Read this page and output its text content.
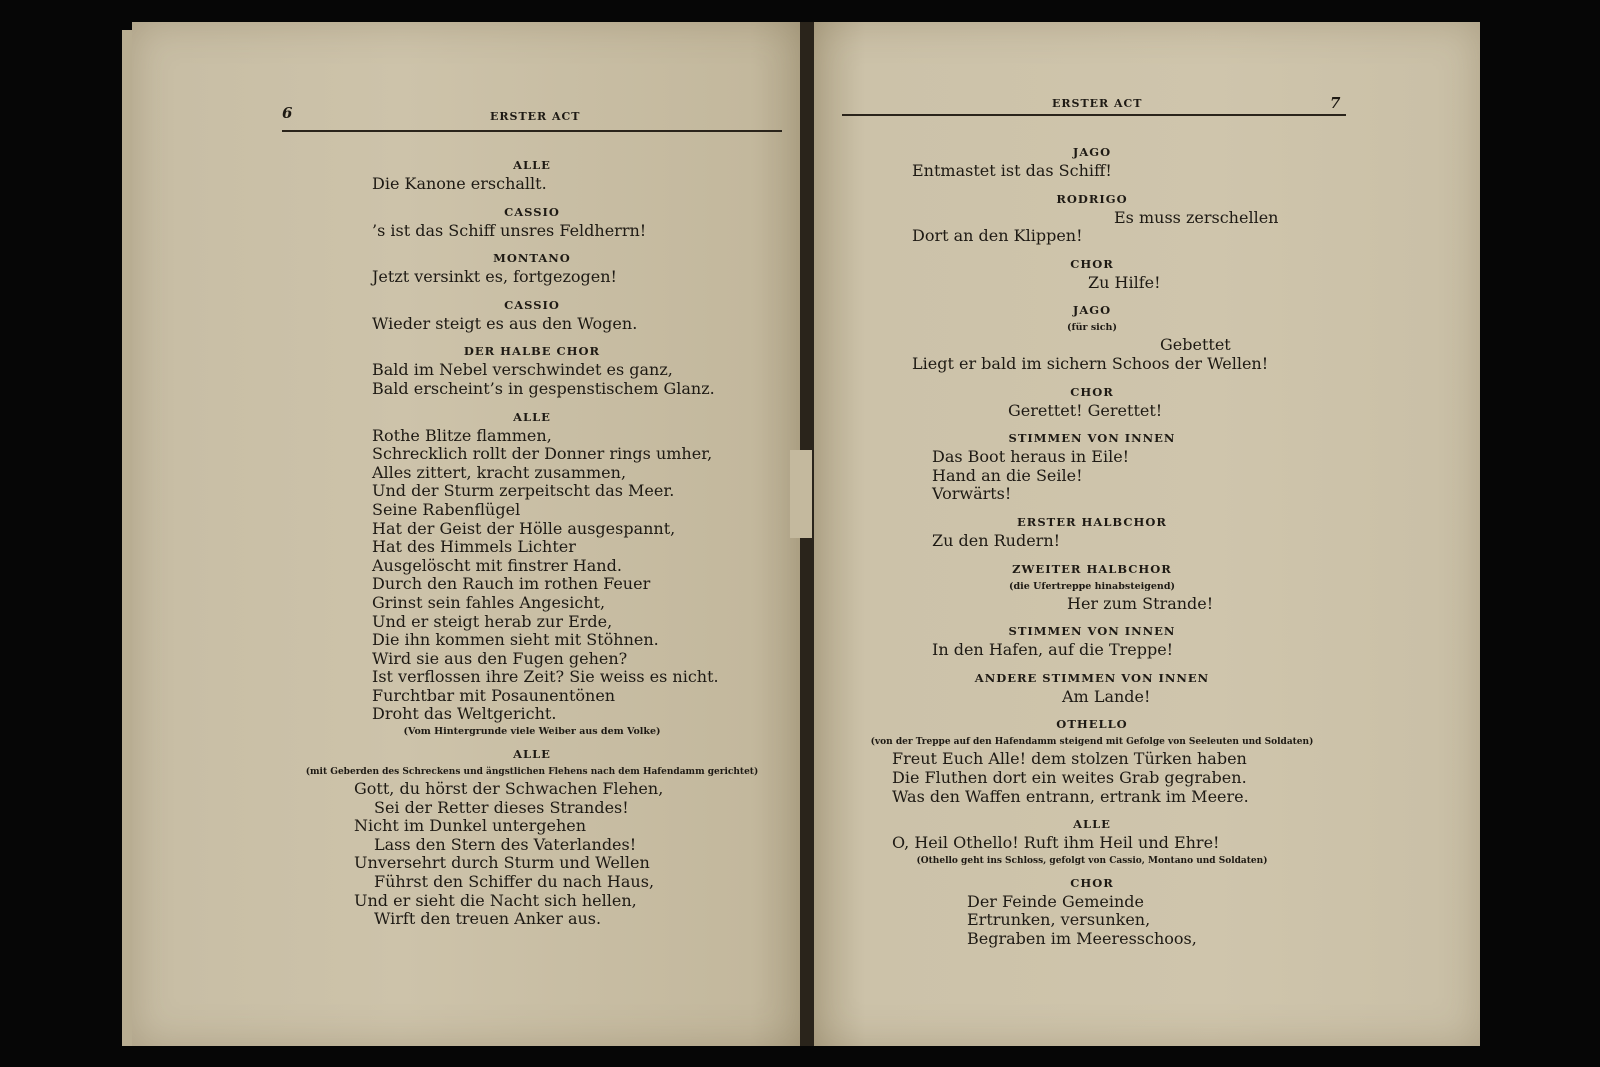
6	ERSTER ACT
ERSTER ACT	7
ALLE
Die Kanone erschallt.
CASSIO
’s ist das Schiff unsres Feldherrn!
MONTANO
Jetzt versinkt es, fortgezogen!
CASSIO
Wieder steigt es aus den Wogen.
DER HALBE CHOR
Bald im Nebel verschwindet es ganz,
Bald erscheint’s in gespenstischem Glanz.
ALLE
Rothe Blitze flammen,
Schrecklich rollt der Donner rings umher,
Alles zittert, kracht zusammen,
Und der Sturm zerpeitscht das Meer.
Seine Rabenflügel
Hat der Geist der Hölle ausgespannt,
Hat des Himmels Lichter
Ausgelöscht mit finstrer Hand.
Durch den Rauch im rothen Feuer
Grinst sein fahles Angesicht,
Und er steigt herab zur Erde,
Die ihn kommen sieht mit Stöhnen.
Wird sie aus den Fugen gehen?
Ist verflossen ihre Zeit? Sie weiss es nicht.
Furchtbar mit Posaunentönen
Droht das Weltgericht.
(Vom Hintergrunde viele Weiber aus dem Volke)
ALLE
(mit Geberden des Schreckens und ängstlichen Flehens nach dem Hafendamm gerichtet)
Gott, du hörst der Schwachen Flehen,
Sei der Retter dieses Strandes!
Nicht im Dunkel untergehen
Lass den Stern des Vaterlandes!
Unversehrt durch Sturm und Wellen
Führst den Schiffer du nach Haus,
Und er sieht die Nacht sich hellen,
Wirft den treuen Anker aus.
JAGO
Entmastet ist das Schiff!
RODRIGO
Es muss zerschellen
Dort an den Klippen!
CHOR
Zu Hilfe!
JAGO
(für sich)
Gebettet
Liegt er bald im sichern Schoos der Wellen!
CHOR
Gerettet! Gerettet!
STIMMEN VON INNEN
Das Boot heraus in Eile!
Hand an die Seile!
Vorwärts!
ERSTER HALBCHOR
Zu den Rudern!
ZWEITER HALBCHOR
(die Ufertreppe hinabsteigend)
Her zum Strande!
STIMMEN VON INNEN
In den Hafen, auf die Treppe!
ANDERE STIMMEN VON INNEN
Am Lande!
OTHELLO
(von der Treppe auf den Hafendamm steigend mit Gefolge von Seeleuten und Soldaten)
Freut Euch Alle! dem stolzen Türken haben
Die Fluthen dort ein weites Grab gegraben.
Was den Waffen entrann, ertrank im Meere.
ALLE
O, Heil Othello! Ruft ihm Heil und Ehre!
(Othello geht ins Schloss, gefolgt von Cassio, Montano und Soldaten)
CHOR
Der Feinde Gemeinde
Ertrunken, versunken,
Begraben im Meeresschoos,
